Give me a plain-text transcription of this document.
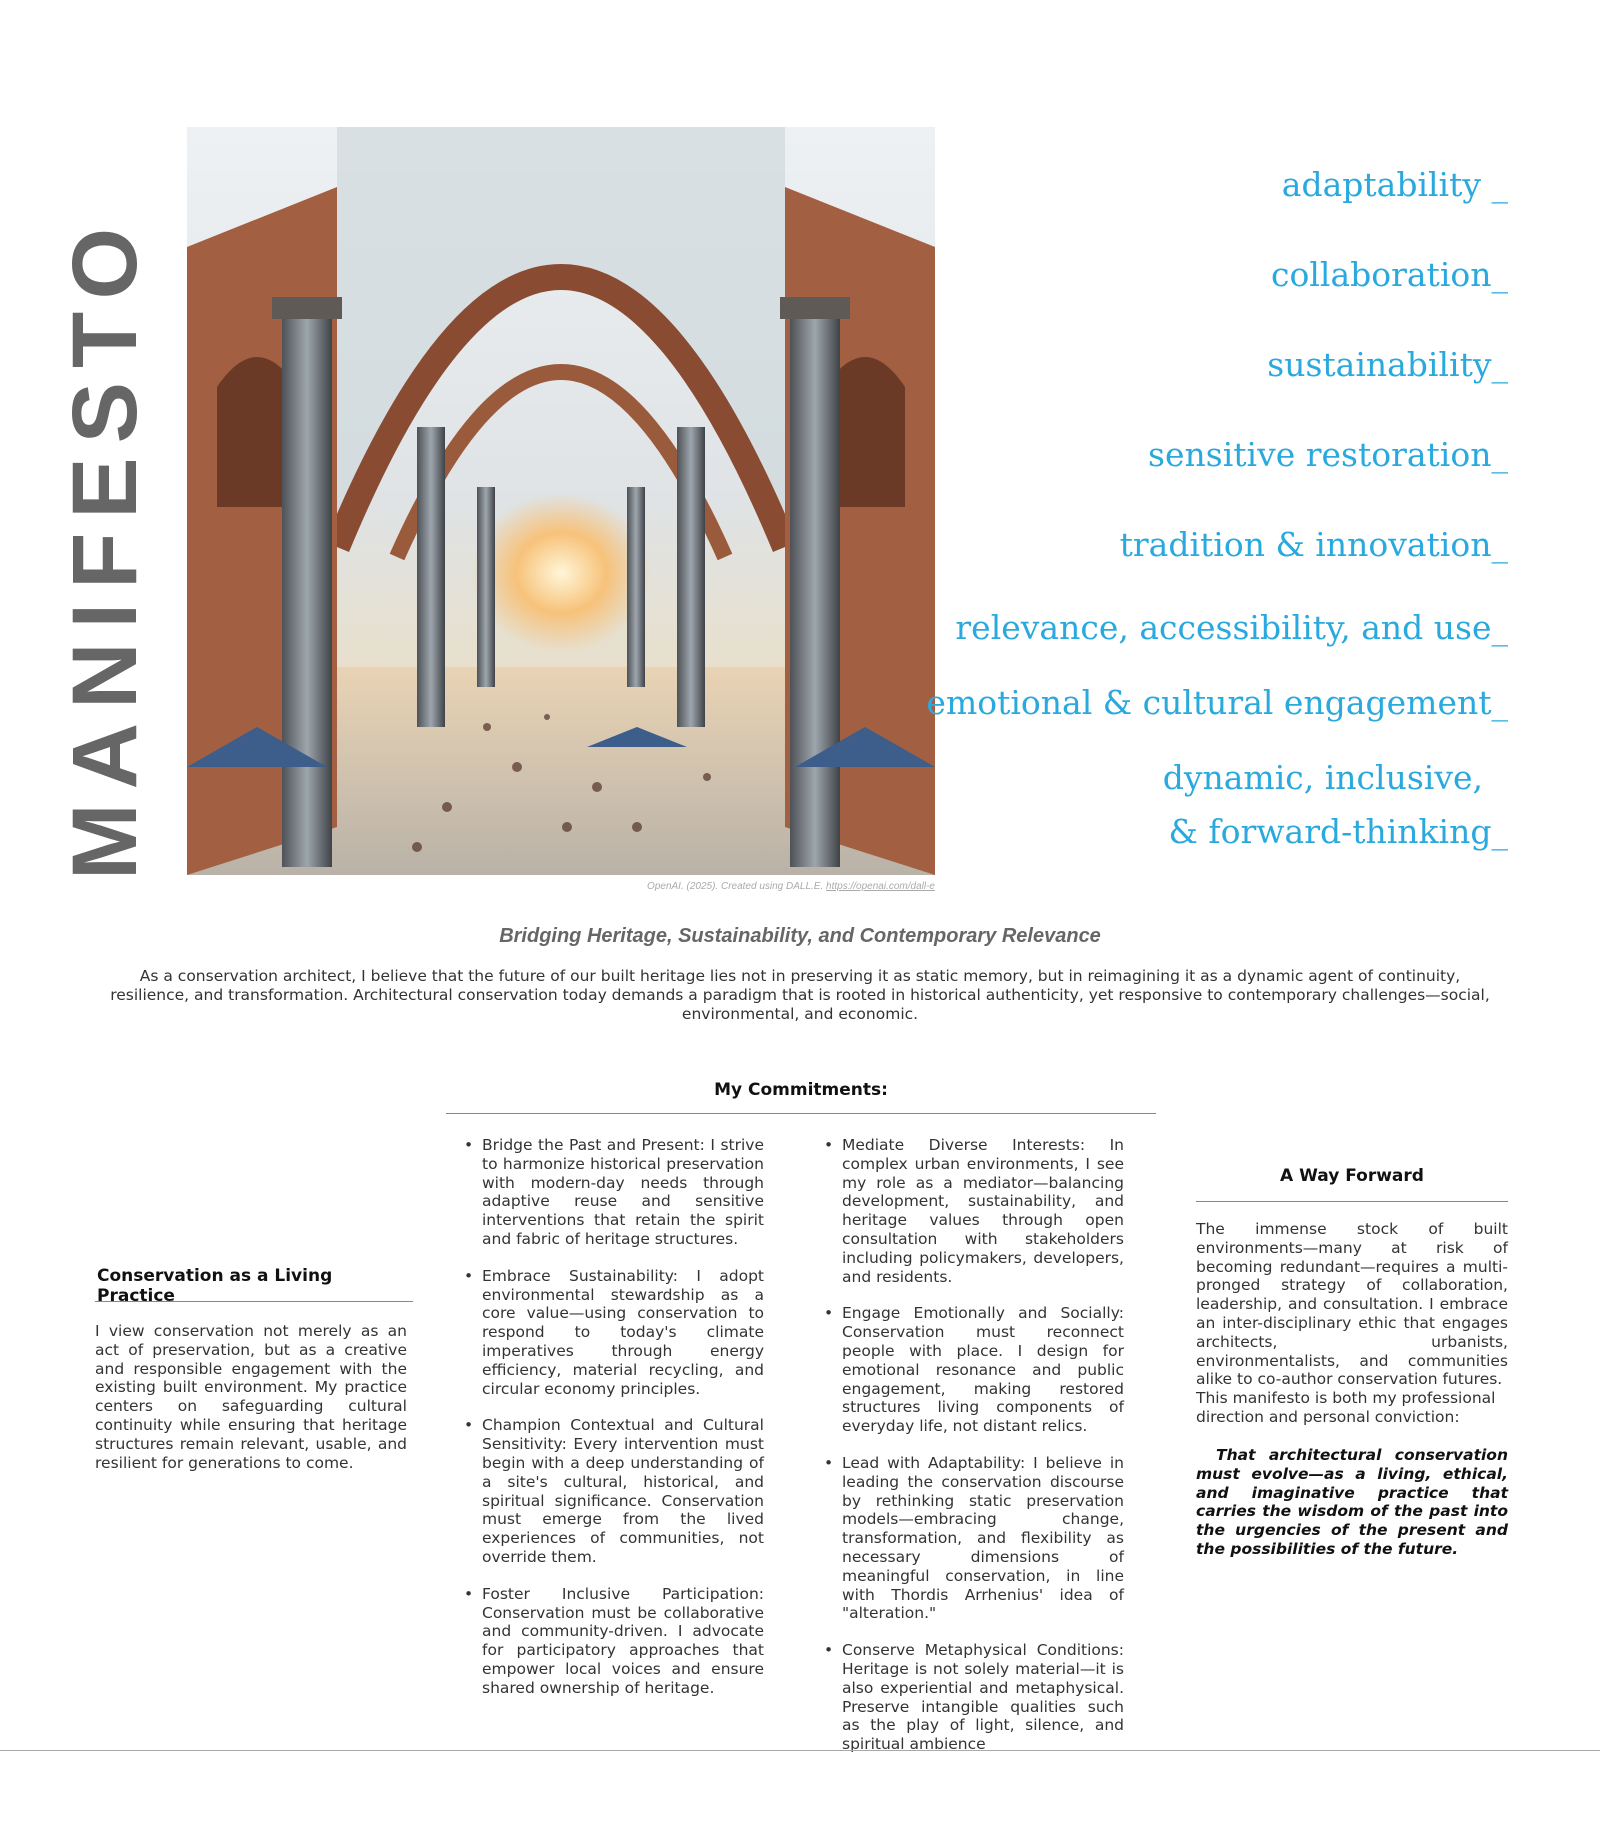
MANIFESTO
OpenAI. (2025). Created using DALL.E. https://openai.com/dall-e
adaptability _
collaboration_
sustainability_
sensitive restoration_
tradition & innovation_
relevance, accessibility, and use_
emotional & cultural engagement_
dynamic, inclusive,
& forward-thinking_
Bridging Heritage, Sustainability, and Contemporary Relevance
As a conservation architect, I believe that the future of our built heritage lies not in preserving it as static memory, but in reimagining it as a dynamic agent of continuity, resilience, and transformation. Architectural conservation today demands a paradigm that is rooted in historical authenticity, yet responsive to contemporary challenges—social, environmental, and economic.
My Commitments:
• Bridge the Past and Present: I strive to harmonize historical preservation with modern-day needs through adaptive reuse and sensitive interventions that retain the spirit and fabric of heritage structures.
• Embrace Sustainability: I adopt environmental stewardship as a core value—using conservation to respond to today's climate imperatives through energy efficiency, material recycling, and circular economy principles.
• Champion Contextual and Cultural Sensitivity: Every intervention must begin with a deep understanding of a site's cultural, historical, and spiritual significance. Conservation must emerge from the lived experiences of communities, not override them.
• Foster Inclusive Participation: Conservation must be collaborative and community-driven. I advocate for participatory approaches that empower local voices and ensure shared ownership of heritage.
• Mediate Diverse Interests: In complex urban environments, I see my role as a mediator—balancing development, sustainability, and heritage values through open consultation with stakeholders including policymakers, developers, and residents.
• Engage Emotionally and Socially: Conservation must reconnect people with place. I design for emotional resonance and public engagement, making restored structures living components of everyday life, not distant relics.
• Lead with Adaptability: I believe in leading the conservation discourse by rethinking static preservation models—embracing change, transformation, and flexibility as necessary dimensions of meaningful conservation, in line with Thordis Arrhenius' idea of "alteration."
• Conserve Metaphysical Conditions: Heritage is not solely material—it is also experiential and metaphysical. Preserve intangible qualities such as the play of light, silence, and spiritual ambience
Conservation as a Living Practice
I view conservation not merely as an act of preservation, but as a creative and responsible engagement with the existing built environment. My practice centers on safeguarding cultural continuity while ensuring that heritage structures remain relevant, usable, and resilient for generations to come.
A Way Forward
The immense stock of built environments—many at risk of becoming redundant—requires a multi-pronged strategy of collaboration, leadership, and consultation. I embrace an inter-disciplinary ethic that engages architects, urbanists, environmentalists, and communities alike to co-author conservation futures.
This manifesto is both my professional direction and personal conviction:
That architectural conservation must evolve—as a living, ethical, and imaginative practice that carries the wisdom of the past into the urgencies of the present and the possibilities of the future.
